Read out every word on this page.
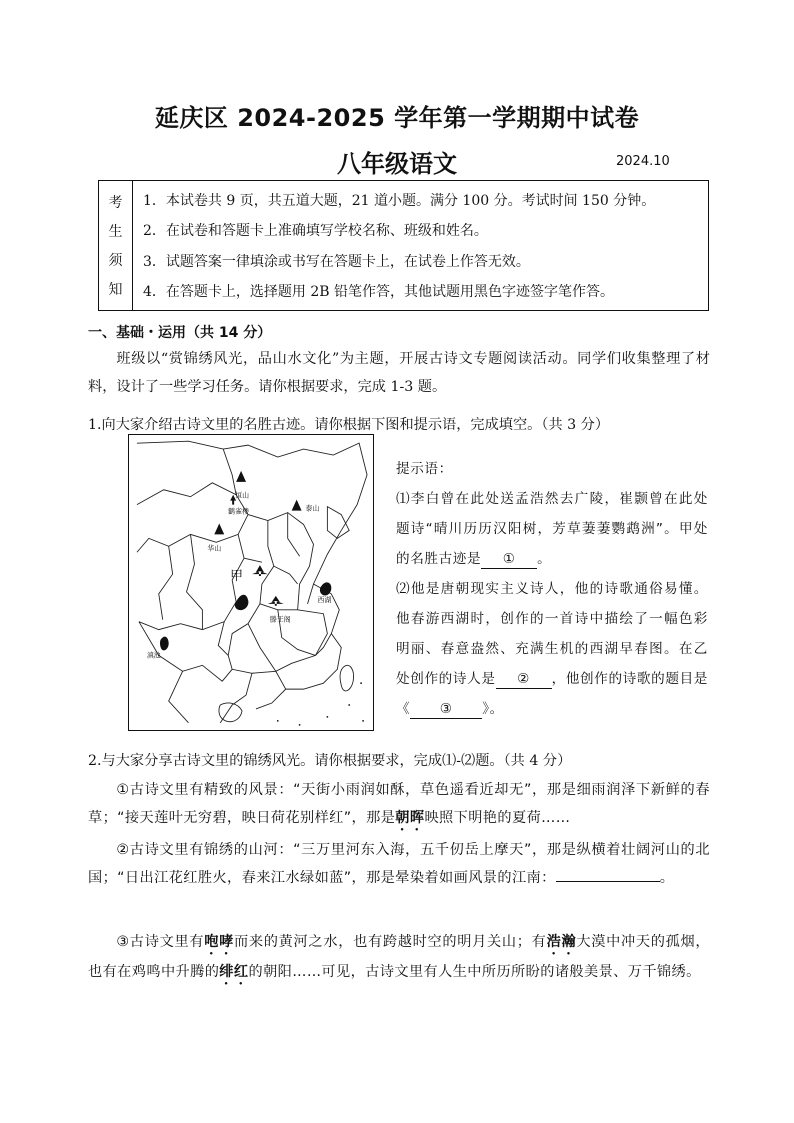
延庆区 2024-2025 学年第一学期期中试卷
八年级语文	2024.10
考
生
须
知
1．本试卷共 9 页，共五道大题，21 道小题。满分 100 分。考试时间 150 分钟。
2．在试卷和答题卡上准确填写学校名称、班级和姓名。
3．试题答案一律填涂或书写在答题卡上，在试卷上作答无效。
4．在答题卡上，选择题用 2B 铅笔作答，其他试题用黑色字迹签字笔作答。
一、基础・运用（共 14 分）
班级以“赏锦绣风光，品山水文化”为主题，开展古诗文专题阅读活动。同学们收集整理了材料，设计了一些学习任务。请你根据要求，完成 1-3 题。
1.向大家介绍古诗文里的名胜古迹。请你根据下图和提示语，完成填空。（共 3 分）
恒山
泰山
鹳雀楼
华山
甲
滕王阁
西湖
滇池
提示语：
⑴李白曾在此处送孟浩然去广陵，崔颢曾在此处题诗“晴川历历汉阳树，芳草萋萋鹦鹉洲”。甲处的名胜古迹是 ① 。
⑵他是唐朝现实主义诗人，他的诗歌通俗易懂。他春游西湖时，创作的一首诗中描绘了一幅色彩明丽、春意盎然、充满生机的西湖早春图。在乙处创作的诗人是 ② ，他创作的诗歌的题目是《 ③ 》。
2.与大家分享古诗文里的锦绣风光。请你根据要求，完成⑴-⑵题。（共 4 分）
①古诗文里有精致的风景：“天街小雨润如酥，草色遥看近却无”，那是细雨润泽下新鲜的春草；“接天莲叶无穷碧，映日荷花别样红”，那是朝晖映照下明艳的夏荷……
②古诗文里有锦绣的山河：“三万里河东入海，五千仞岳上摩天”，那是纵横着壮阔河山的北国；“日出江花红胜火，春来江水绿如蓝”，那是晕染着如画风景的江南：	。
③古诗文里有咆哮而来的黄河之水，也有跨越时空的明月关山；有浩瀚大漠中冲天的孤烟，也有在鸡鸣中升腾的绯红的朝阳……可见，古诗文里有人生中所历所盼的诸般美景、万千锦绣。
